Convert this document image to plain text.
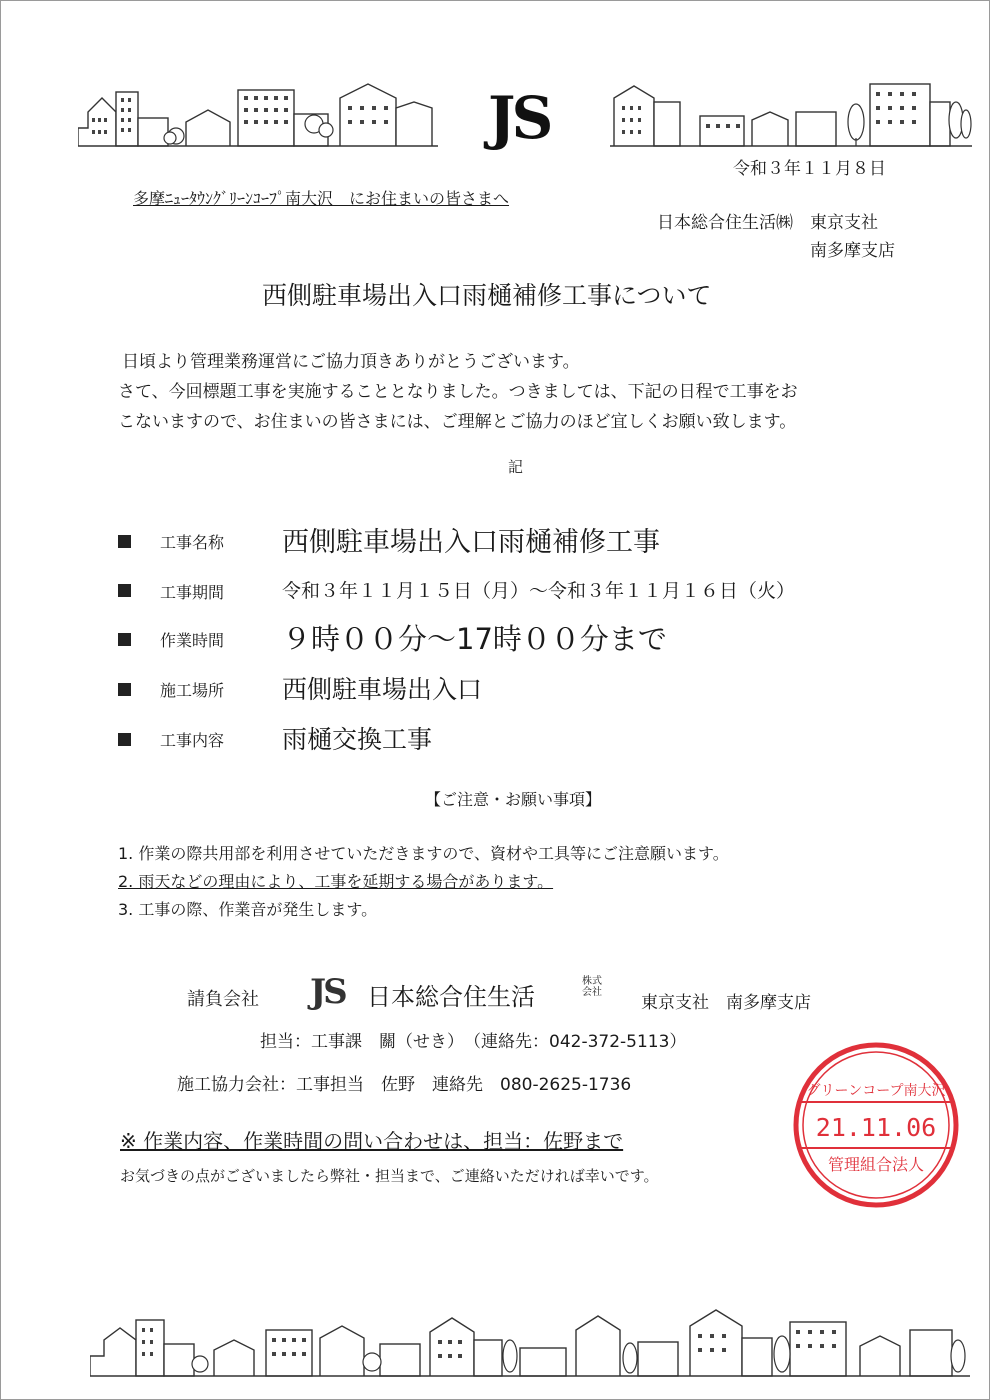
JS
令和３年１１月８日
多摩ﾆｭｰﾀｳﾝｸﾞﾘｰﾝｺｰﾌﾟ南大沢　にお住まいの皆さまへ
日本総合住生活㈱　東京支社
南多摩支店
西側駐車場出入口雨樋補修工事について
日頃より管理業務運営にご協力頂きありがとうございます。
さて、今回標題工事を実施することとなりました。つきましては、下記の日程で工事をお
こないますので、お住まいの皆さまには、ご理解とご協力のほど宜しくお願い致します。
記
工事名称 西側駐車場出入口雨樋補修工事
工事期間	令和３年１１月１５日（月）～令和３年１１月１６日（火）
作業時間 ９時００分～17時００分まで
施工場所 西側駐車場出入口
工事内容 雨樋交換工事
【ご注意・お願い事項】
1. 作業の際共用部を利用させていただきますので、資材や工具等にご注意願います。
2. 雨天などの理由により、工事を延期する場合があります。
3. 工事の際、作業音が発生します。
請負会社 JS 日本総合住生活
株式
会社
東京支社　南多摩支店
担当：工事課　關（せき）　（連絡先：042-372-5113）
施工協力会社：工事担当　佐野　連絡先　080-2625-1736
※ 作業内容、作業時間の問い合わせは、担当：佐野まで
お気づきの点がございましたら弊社・担当まで、ご連絡いただければ幸いです。
グリーンコープ南大沢
21.11.06
管理組合法人
